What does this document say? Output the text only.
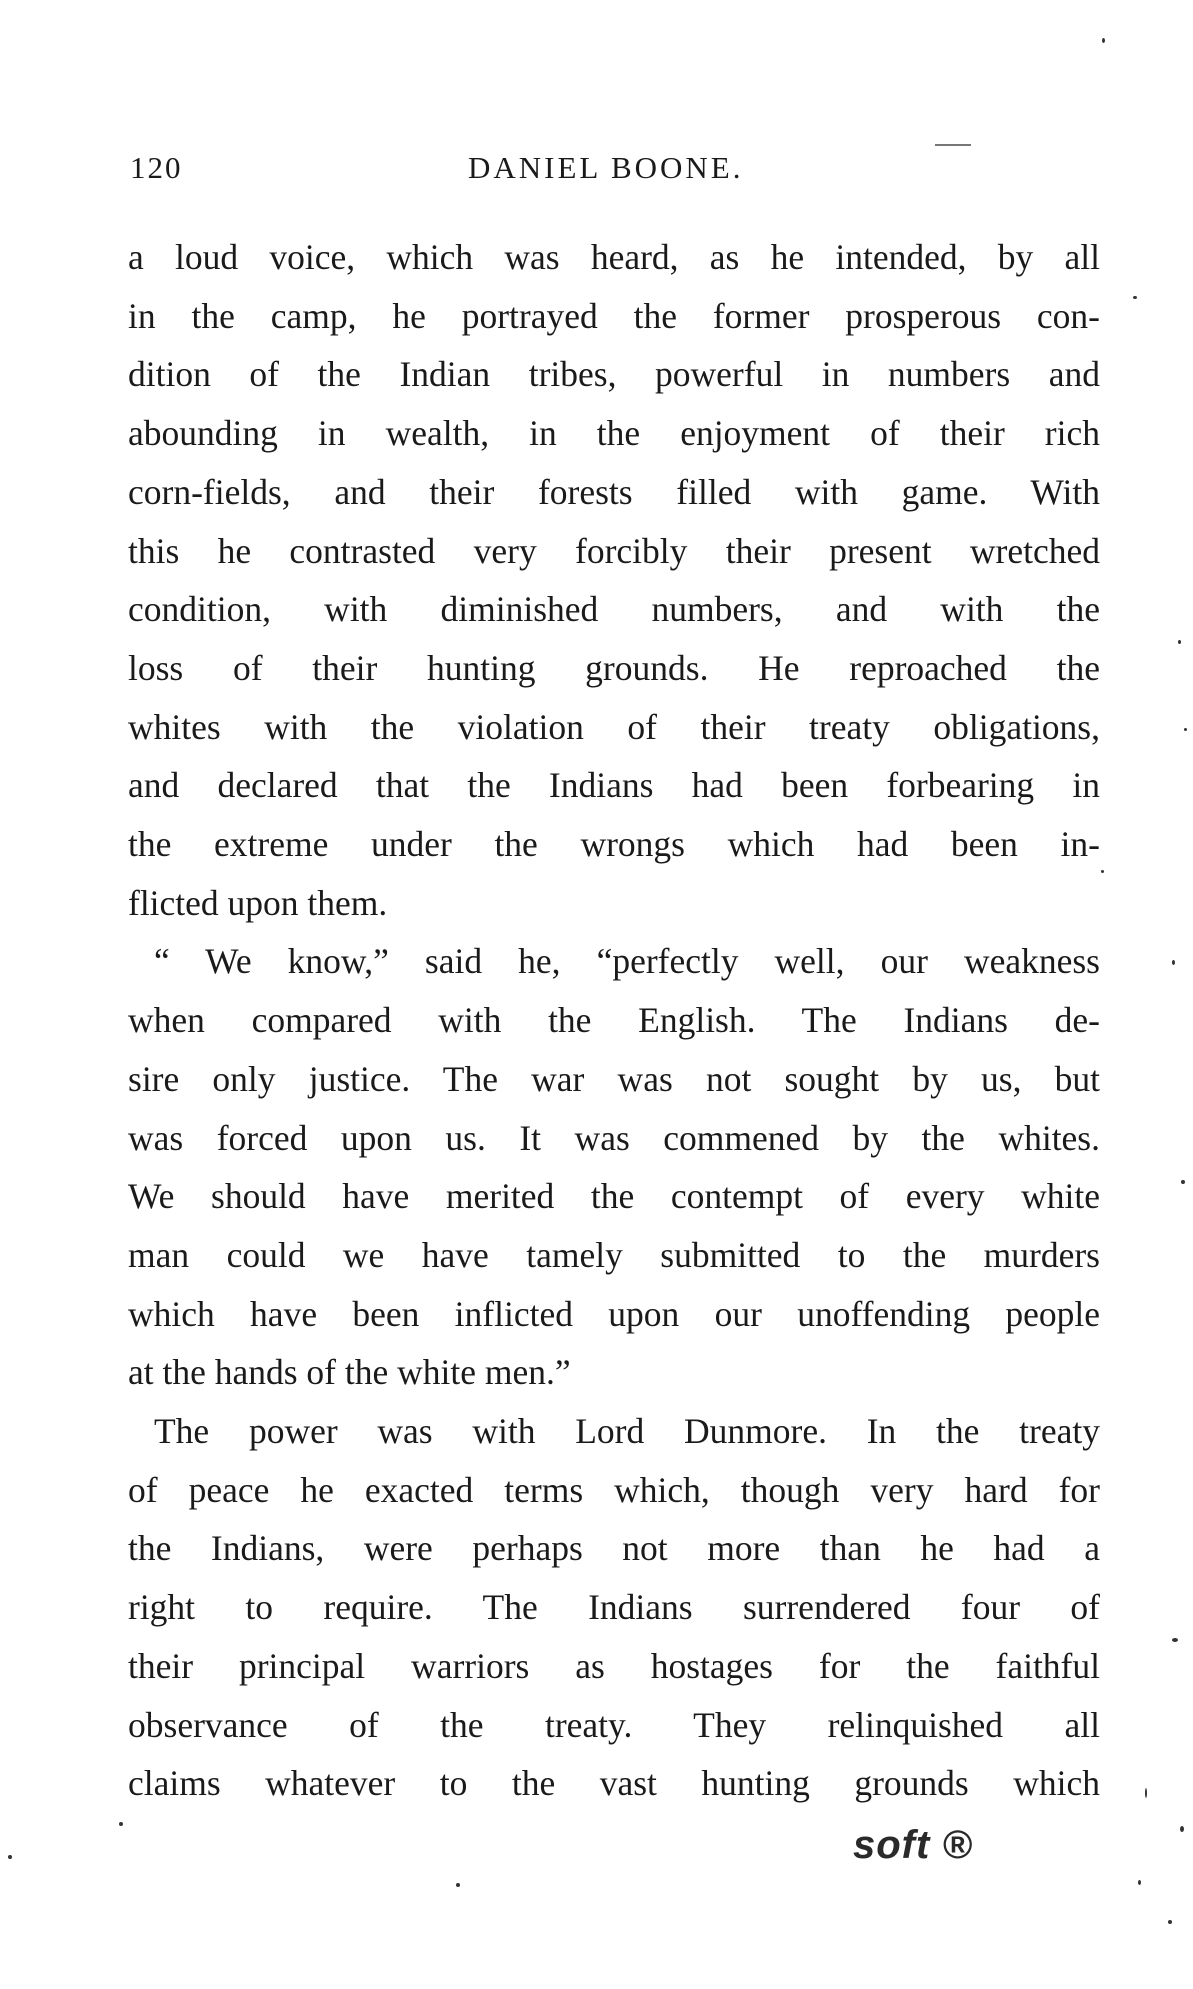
120	DANIEL BOONE.
a loud voice, which was heard, as he intended, by all
in the camp, he portrayed the former prosperous con-
dition of the Indian tribes, powerful in numbers and
abounding in wealth, in the enjoyment of their rich
corn-fields, and their forests filled with game. With
this he contrasted very forcibly their present wretched
condition, with diminished numbers, and with the
loss of their hunting grounds. He reproached the
whites with the violation of their treaty obligations,
and declared that the Indians had been forbearing in
the extreme under the wrongs which had been in-
flicted upon them.
“ We know,” said he, “perfectly well, our weakness
when compared with the English. The Indians de-
sire only justice. The war was not sought by us, but
was forced upon us. It was commened by the whites.
We should have merited the contempt of every white
man could we have tamely submitted to the murders
which have been inflicted upon our unoffending people
at the hands of the white men.”
The power was with Lord Dunmore. In the treaty
of peace he exacted terms which, though very hard for
the Indians, were perhaps not more than he had a
right to require. The Indians surrendered four of
their principal warriors as hostages for the faithful
observance of the treaty. They relinquished all
claims whatever to the vast hunting grounds which
soft ®
